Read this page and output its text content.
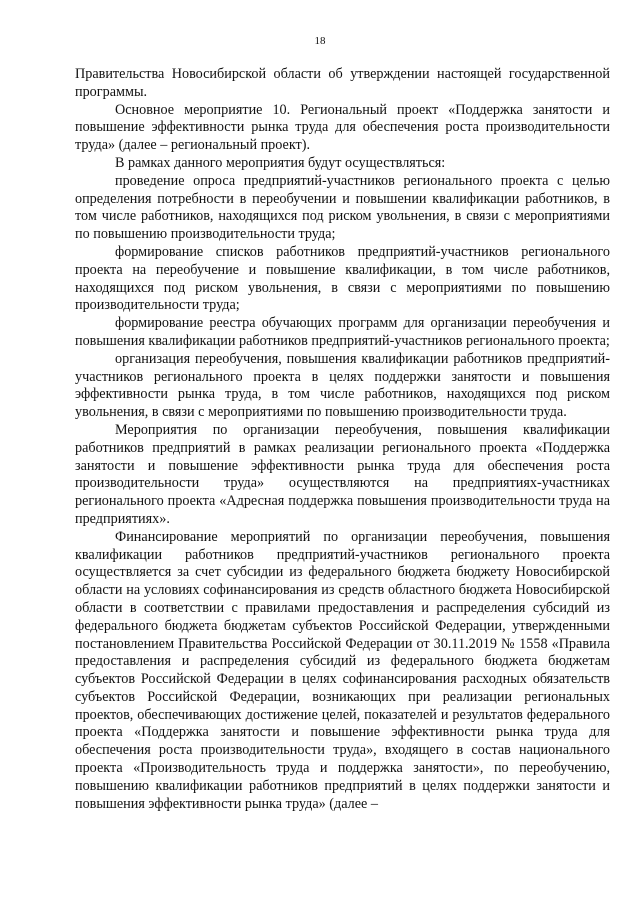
18

Правительства Новосибирской области об утверждении настоящей государственной программы.

Основное мероприятие 10. Региональный проект «Поддержка занятости и повышение эффективности рынка труда для обеспечения роста производительности труда» (далее – региональный проект).

В рамках данного мероприятия будут осуществляться:

проведение опроса предприятий-участников регионального проекта с целью определения потребности в переобучении и повышении квалификации работников, в том числе работников, находящихся под риском увольнения, в связи с мероприятиями по повышению производительности труда;

формирование списков работников предприятий-участников регионального проекта на переобучение и повышение квалификации, в том числе работников, находящихся под риском увольнения, в связи с мероприятиями по повышению производительности труда;

формирование реестра обучающих программ для организации переобучения и повышения квалификации работников предприятий-участников регионального проекта;

организация переобучения, повышения квалификации работников предприятий-участников регионального проекта в целях поддержки занятости и повышения эффективности рынка труда, в том числе работников, находящихся под риском увольнения, в связи с мероприятиями по повышению производительности труда.

Мероприятия по организации переобучения, повышения квалификации работников предприятий в рамках реализации регионального проекта «Поддержка занятости и повышение эффективности рынка труда для обеспечения роста производительности труда» осуществляются на предприятиях-участниках регионального проекта «Адресная поддержка повышения производительности труда на предприятиях».

Финансирование мероприятий по организации переобучения, повышения квалификации работников предприятий-участников регионального проекта осуществляется за счет субсидии из федерального бюджета бюджету Новосибирской области на условиях софинансирования из средств областного бюджета Новосибирской области в соответствии с правилами предоставления и распределения субсидий из федерального бюджета бюджетам субъектов Российской Федерации, утвержденными постановлением Правительства Российской Федерации от 30.11.2019 № 1558 «Правила предоставления и распределения субсидий из федерального бюджета бюджетам субъектов Российской Федерации в целях софинансирования расходных обязательств субъектов Российской Федерации, возникающих при реализации региональных проектов, обеспечивающих достижение целей, показателей и результатов федерального проекта «Поддержка занятости и повышение эффективности рынка труда для обеспечения роста производительности труда», входящего в состав национального проекта «Производительность труда и поддержка занятости», по переобучению, повышению квалификации работников предприятий в целях поддержки занятости и повышения эффективности рынка труда» (далее –
